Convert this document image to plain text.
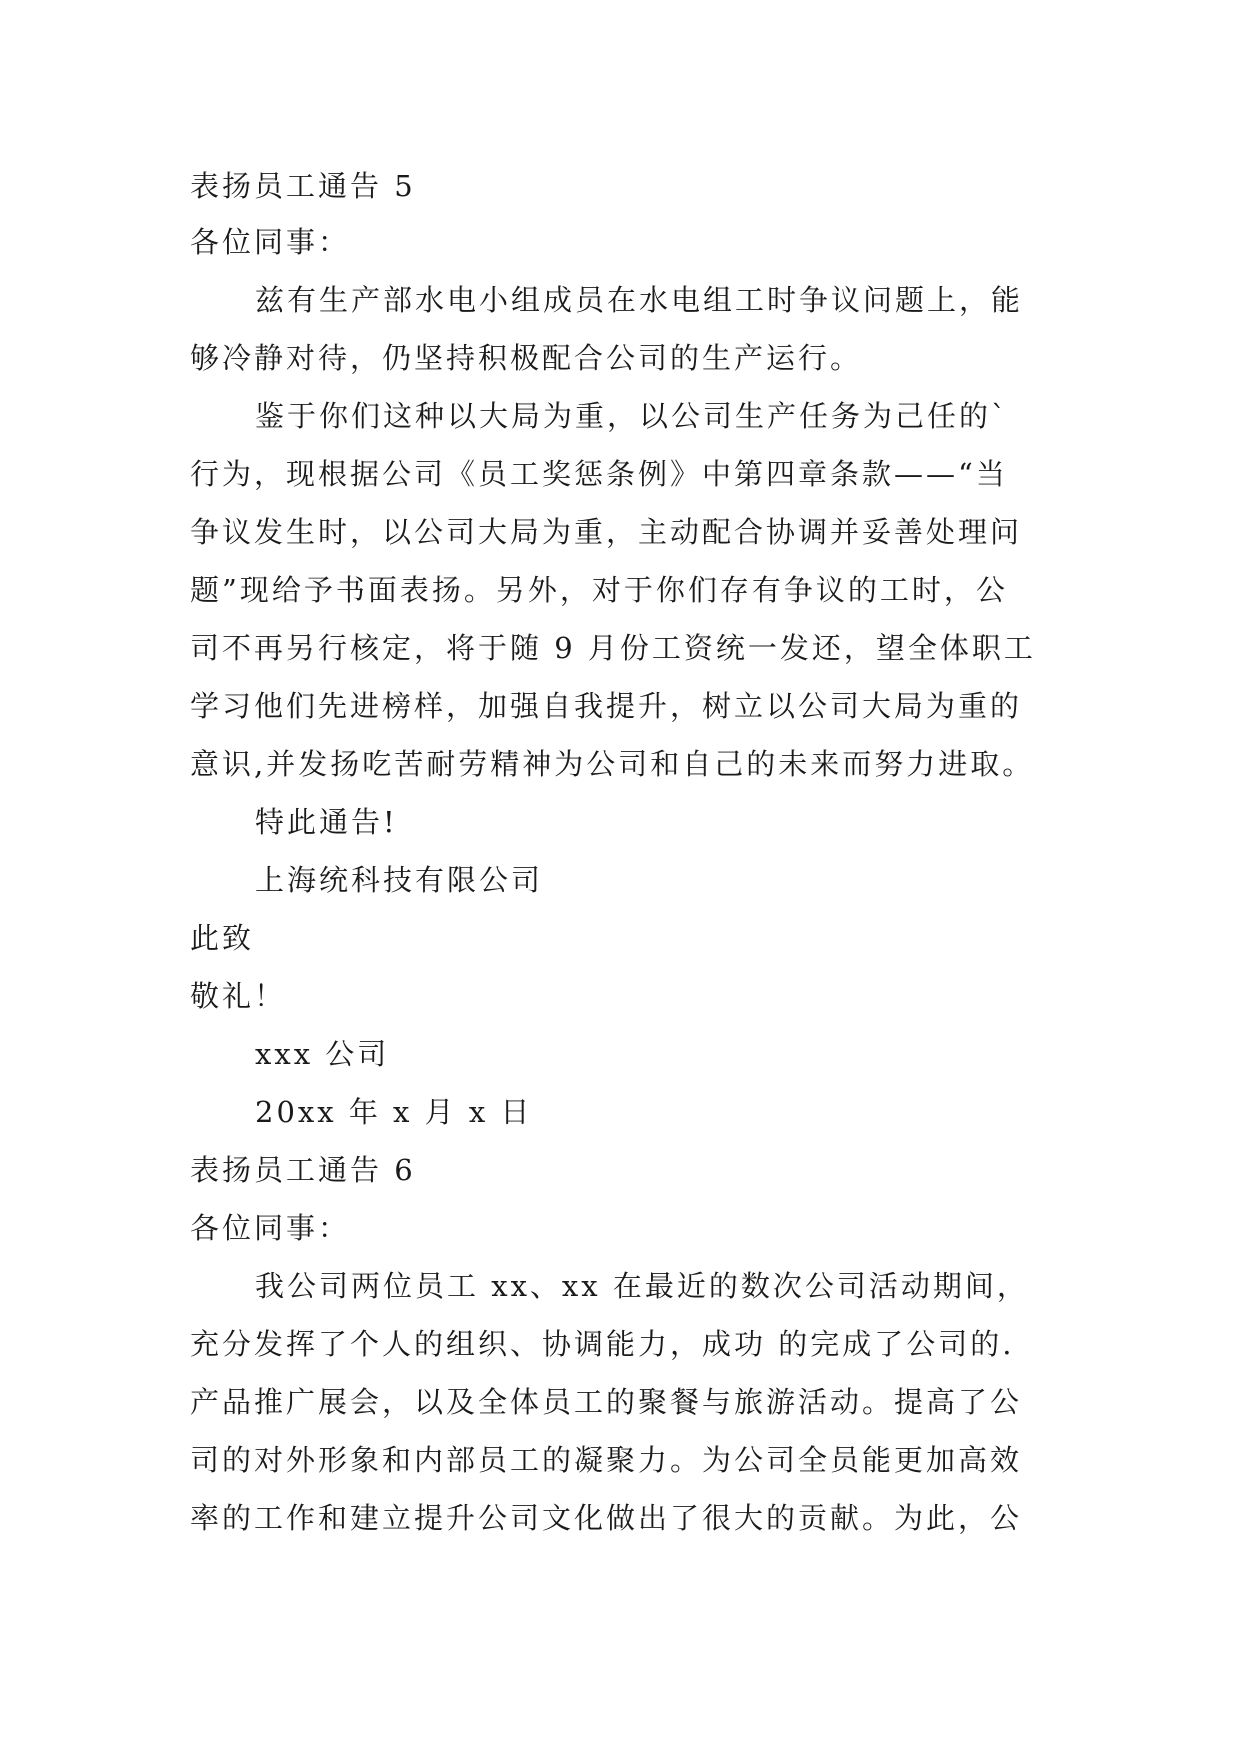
表扬员工通告 5
各位同事：
兹有生产部水电小组成员在水电组工时争议问题上，能
够冷静对待，仍坚持积极配合公司的生产运行。
鉴于你们这种以大局为重，以公司生产任务为己任的`
行为，现根据公司《员工奖惩条例》中第四章条款——“当
争议发生时，以公司大局为重，主动配合协调并妥善处理问
题”现给予书面表扬。另外，对于你们存有争议的工时，公
司不再另行核定，将于随 9 月份工资统一发还，望全体职工
学习他们先进榜样，加强自我提升，树立以公司大局为重的
意识,并发扬吃苦耐劳精神为公司和自己的未来而努力进取。
特此通告!
上海统科技有限公司
此致
敬礼！
xxx 公司
20xx 年 x 月 x 日
表扬员工通告 6
各位同事：
我公司两位员工 xx、xx 在最近的数次公司活动期间，
充分发挥了个人的组织、协调能力，成功 的完成了公司的.
产品推广展会，以及全体员工的聚餐与旅游活动。提高了公
司的对外形象和内部员工的凝聚力。为公司全员能更加高效
率的工作和建立提升公司文化做出了很大的贡献。为此，公
